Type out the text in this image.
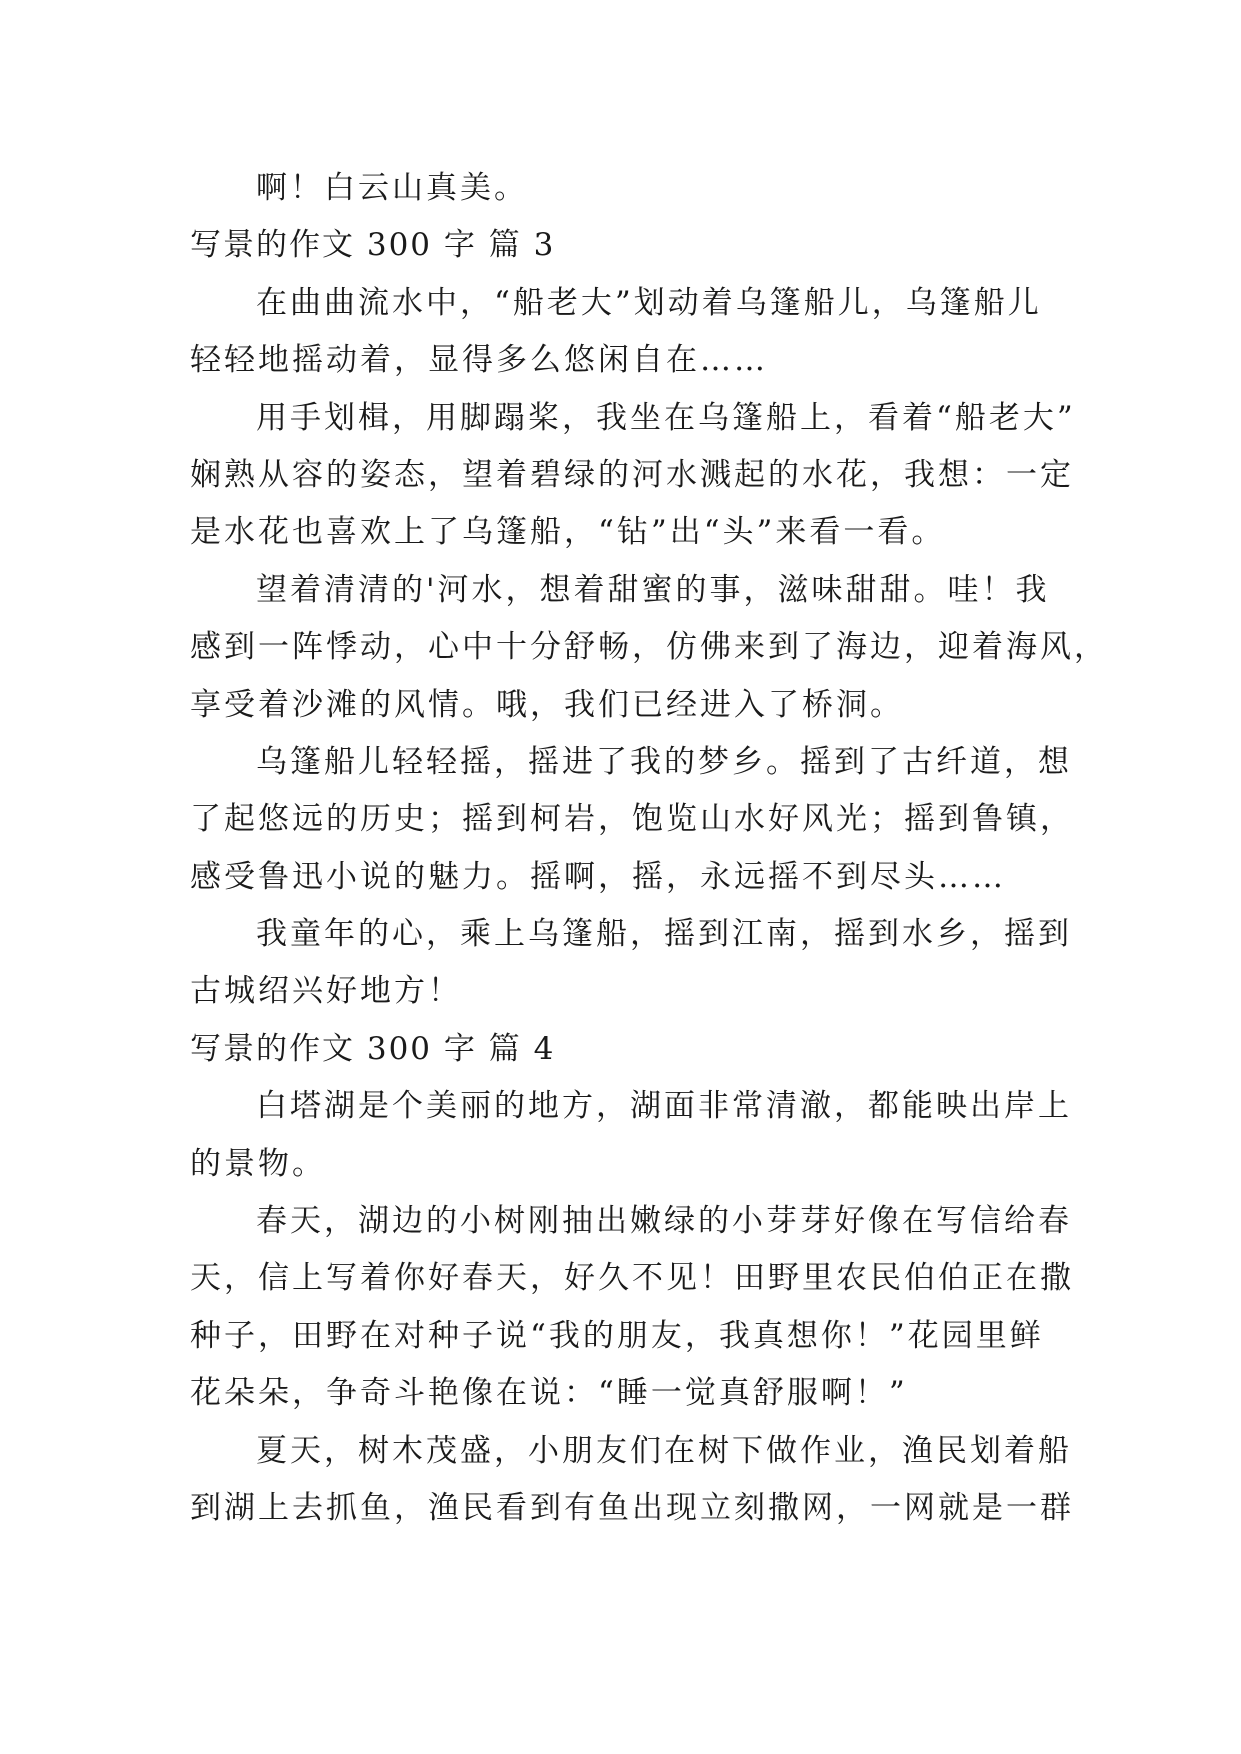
啊！白云山真美。
写景的作文 300 字 篇 3
在曲曲流水中，“船老大”划动着乌篷船儿，乌篷船儿
轻轻地摇动着，显得多么悠闲自在……
用手划楫，用脚蹋桨，我坐在乌篷船上，看着“船老大”
娴熟从容的姿态，望着碧绿的河水溅起的水花，我想：一定
是水花也喜欢上了乌篷船，“钻”出“头”来看一看。
望着清清的'河水，想着甜蜜的事，滋味甜甜。哇！我
感到一阵悸动，心中十分舒畅，仿佛来到了海边，迎着海风，
享受着沙滩的风情。哦，我们已经进入了桥洞。
乌篷船儿轻轻摇，摇进了我的梦乡。摇到了古纤道，想
了起悠远的历史；摇到柯岩，饱览山水好风光；摇到鲁镇，
感受鲁迅小说的魅力。摇啊，摇，永远摇不到尽头……
我童年的心，乘上乌篷船，摇到江南，摇到水乡，摇到
古城绍兴好地方！
写景的作文 300 字 篇 4
白塔湖是个美丽的地方，湖面非常清澈，都能映出岸上
的景物。
春天，湖边的小树刚抽出嫩绿的小芽芽好像在写信给春
天，信上写着你好春天，好久不见！田野里农民伯伯正在撒
种子，田野在对种子说“我的朋友，我真想你！”花园里鲜
花朵朵，争奇斗艳像在说：“睡一觉真舒服啊！”
夏天，树木茂盛，小朋友们在树下做作业，渔民划着船
到湖上去抓鱼，渔民看到有鱼出现立刻撒网，一网就是一群
